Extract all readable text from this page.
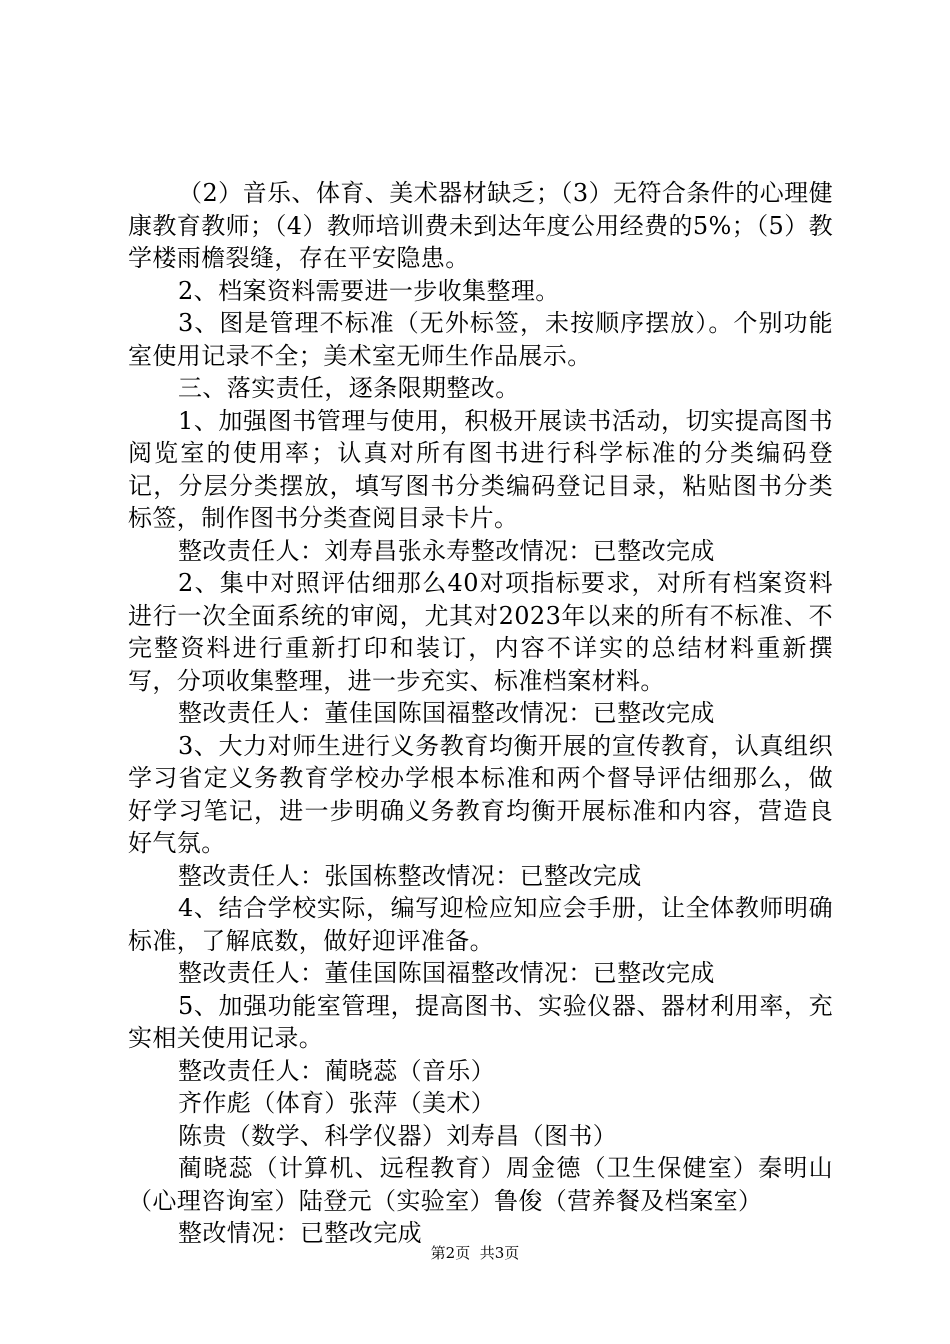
（2）音乐、体育、美术器材缺乏；（3）无符合条件的心理健康教育教师；（4）教师培训费未到达年度公用经费的5%；（5）教学楼雨檐裂缝，存在平安隐患。

2、档案资料需要进一步收集整理。

3、图是管理不标准（无外标签，未按顺序摆放）。个别功能室使用记录不全；美术室无师生作品展示。

三、落实责任，逐条限期整改。

1、加强图书管理与使用，积极开展读书活动，切实提高图书阅览室的使用率；认真对所有图书进行科学标准的分类编码登记，分层分类摆放，填写图书分类编码登记目录，粘贴图书分类标签，制作图书分类查阅目录卡片。

整改责任人：刘寿昌张永寿整改情况：已整改完成

2、集中对照评估细那么40对项指标要求，对所有档案资料进行一次全面系统的审阅，尤其对2023年以来的所有不标准、不完整资料进行重新打印和装订，内容不详实的总结材料重新撰写，分项收集整理，进一步充实、标准档案材料。

整改责任人：董佳国陈国福整改情况：已整改完成

3、大力对师生进行义务教育均衡开展的宣传教育，认真组织学习省定义务教育学校办学根本标准和两个督导评估细那么，做好学习笔记，进一步明确义务教育均衡开展标准和内容，营造良好气氛。

整改责任人：张国栋整改情况：已整改完成

4、结合学校实际，编写迎检应知应会手册，让全体教师明确标准，了解底数，做好迎评准备。

整改责任人：董佳国陈国福整改情况：已整改完成

5、加强功能室管理，提高图书、实验仪器、器材利用率，充实相关使用记录。

整改责任人：蔺晓蕊（音乐）

齐作彪（体育）张萍（美术）

陈贵（数学、科学仪器）刘寿昌（图书）

蔺晓蕊（计算机、远程教育）周金德（卫生保健室）秦明山（心理咨询室）陆登元（实验室）鲁俊（营养餐及档案室）

整改情况：已整改完成

第2页 共3页
